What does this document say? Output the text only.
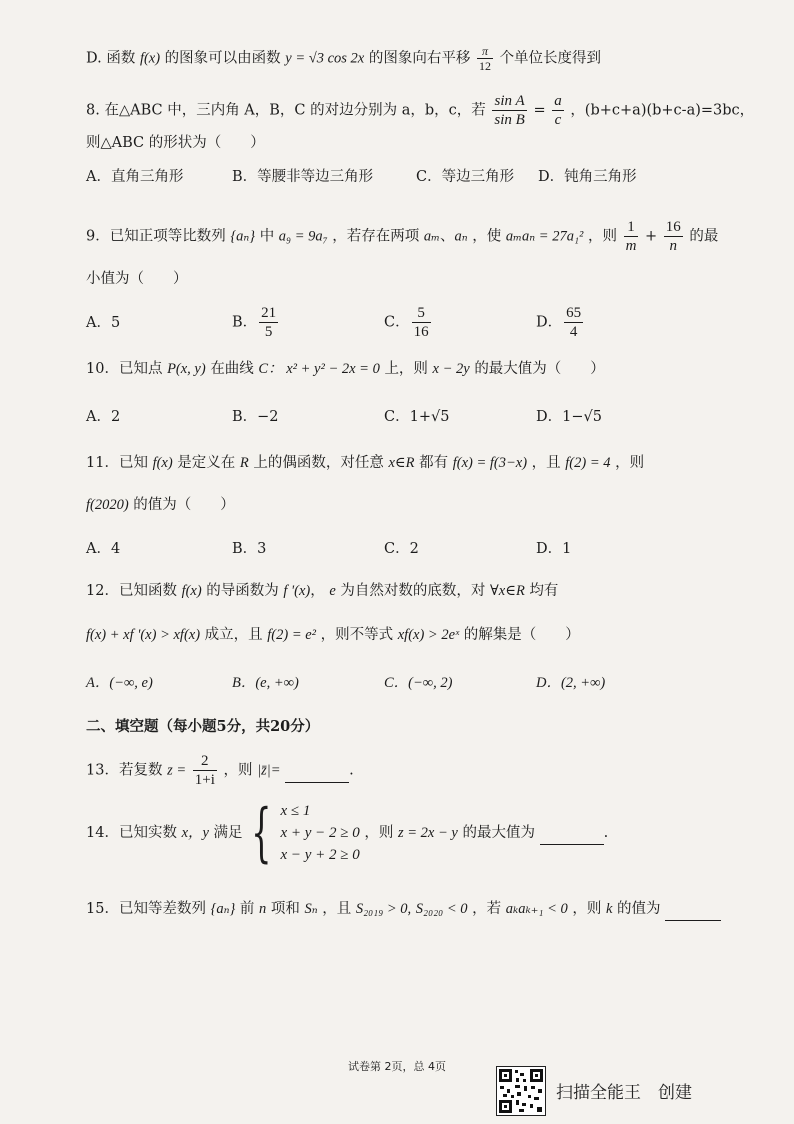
D. 函数 f(x) 的图象可以由函数 y = √3 cos 2x 的图象向右平移 $\frac{\pi}{12}$ 个单位长度得到
8. 在△ABC 中，三内角 A，B，C 的对边分别为 a，b，c，若 $\frac{\text{sin A}}{\text{sin B}} = \frac{a}{c}$ ，(b+c+a)(b+c-a)=3bc，
则△ABC 的形状为（　　）
A．直角三角形	B．等腰非等边三角形	C．等边三角形 D．钝角三角形
9．已知正项等比数列 {aₙ} 中 a₉ = 9a₇ ，若存在两项 aₘ、aₙ ，使 aₘaₙ = 27a₁² ，则 $\frac{1}{m} + \frac{16}{n}$ 的最
小值为（　　）
A．5	B． $\frac{21}{5}$	C． $\frac{5}{16}$	D． $\frac{65}{4}$
10．已知点 P(x, y) 在曲线 C： x² + y² − 2x = 0 上，则 x − 2y 的最大值为（　　）
A．2	B．−2	C．1+√5	D．1−√5
11．已知 f(x) 是定义在 R 上的偶函数，对任意 x∈R 都有 f(x) = f(3−x) ，且 f(2) = 4 ，则
f(2020) 的值为（　　）
A．4	B．3	C．2	D．1
12．已知函数 f(x) 的导函数为 f '(x)， e 为自然对数的底数，对 ∀x∈R 均有
f(x) + xf '(x) > xf(x) 成立，且 f(2) = e² ，则不等式 xf(x) > 2eˣ 的解集是（　　）
A．(−∞, e)	B．(e, +∞)	C．(−∞, 2)	D．(2, +∞)
二、填空题（每小题5分，共20分）
13．若复数 $z = \frac{2}{1+i}$ ，则 |z̄|=	.
14．已知实数 x，y 满足 { x ≤ 1
x + y − 2 ≥ 0
x − y + 2 ≥ 0
，则 z = 2x − y 的最大值为	.
15．已知等差数列 {aₙ} 前 n 项和 Sₙ ，且 S₂₀₁₉ > 0, S₂₀₂₀ < 0 ，若 aₖaₖ₊₁ < 0 ，则 k 的值为
试卷第 2页，总 4页
扫描全能王　创建
